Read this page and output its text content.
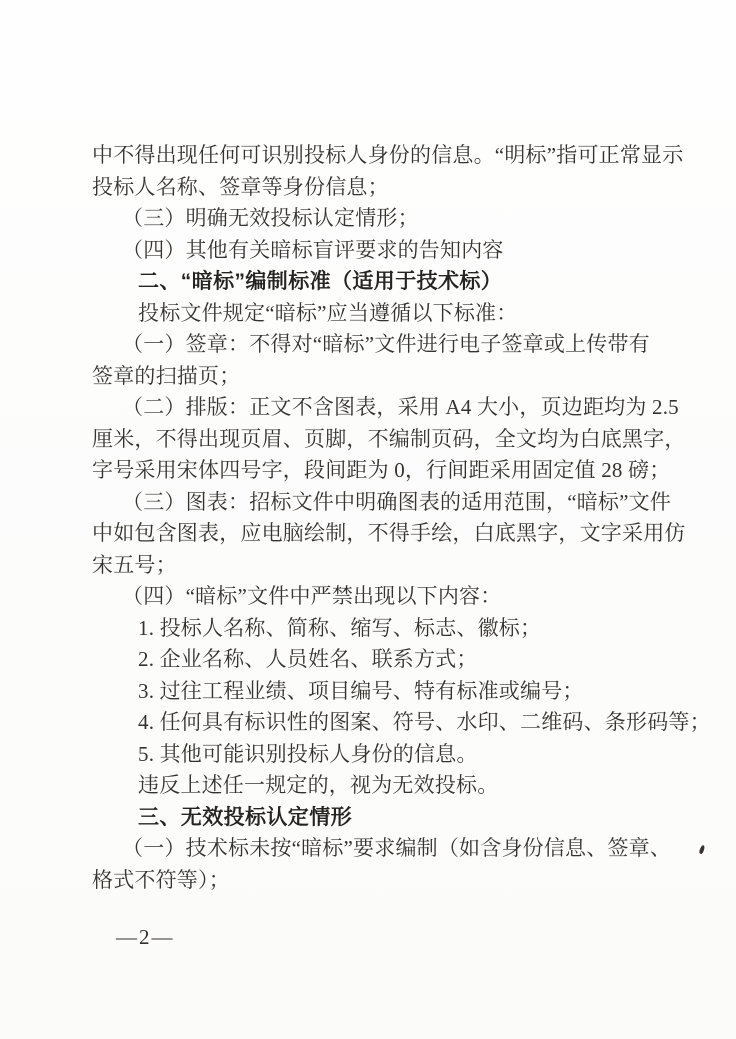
中不得出现任何可识别投标人身份的信息。“明标”指可正常显示
投标人名称、签章等身份信息；
（三）明确无效投标认定情形；
（四）其他有关暗标盲评要求的告知内容
二、“暗标”编制标准（适用于技术标）
投标文件规定“暗标”应当遵循以下标准：
（一）签章：不得对“暗标”文件进行电子签章或上传带有
签章的扫描页；
（二）排版：正文不含图表，采用 A4 大小，页边距均为 2.5
厘米，不得出现页眉、页脚，不编制页码，全文均为白底黑字，
字号采用宋体四号字，段间距为 0，行间距采用固定值 28 磅；
（三）图表：招标文件中明确图表的适用范围，“暗标”文件
中如包含图表，应电脑绘制，不得手绘，白底黑字，文字采用仿
宋五号；
（四）“暗标”文件中严禁出现以下内容：
1. 投标人名称、简称、缩写、标志、徽标；
2. 企业名称、人员姓名、联系方式；
3. 过往工程业绩、项目编号、特有标准或编号；
4. 任何具有标识性的图案、符号、水印、二维码、条形码等；
5. 其他可能识别投标人身份的信息。
违反上述任一规定的，视为无效投标。
三、无效投标认定情形
（一）技术标未按“暗标”要求编制（如含身份信息、签章、
格式不符等）；
—2—
